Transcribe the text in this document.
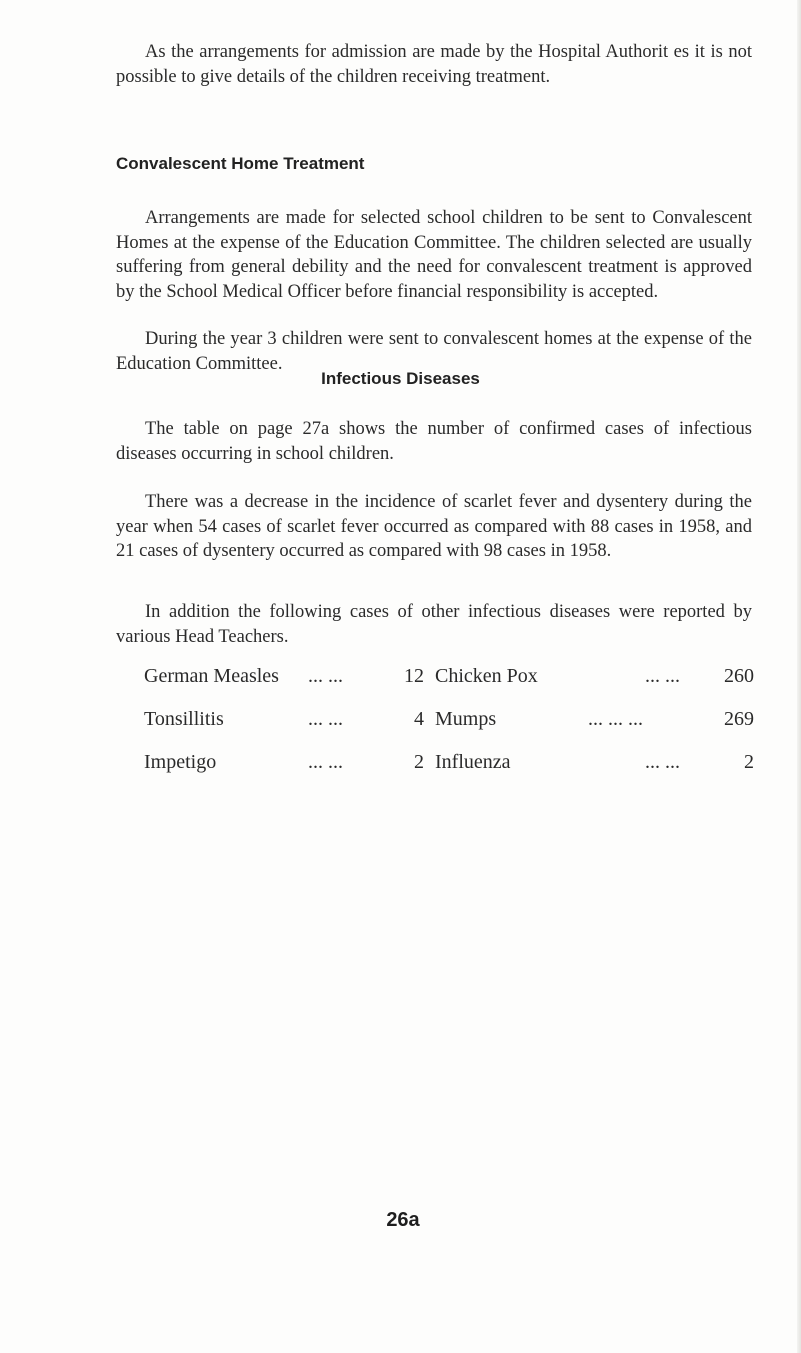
As the arrangements for admission are made by the Hospital Authorit es it is not possible to give details of the children receiving treatment.

Convalescent Home Treatment

Arrangements are made for selected school children to be sent to Convalescent Homes at the expense of the Education Committee. The children selected are usually suffering from general debility and the need for convalescent treatment is approved by the School Medical Officer before financial responsibility is accepted.

During the year 3 children were sent to convalescent homes at the expense of the Education Committee.

Infectious Diseases

The table on page 27a shows the number of confirmed cases of infectious diseases occurring in school children.

There was a decrease in the incidence of scarlet fever and dysentery during the year when 54 cases of scarlet fever occurred as compared with 88 cases in 1958, and 21 cases of dysentery occurred as compared with 98 cases in 1958.

In addition the following cases of other infectious diseases were reported by various Head Teachers.

German Measles ... ...	12 Chicken Pox	... ...	260
Tonsillitis	... ...	4 Mumps	... ... ...	269
Impetigo	... ...	2 Influenza	... ...	2
26a
